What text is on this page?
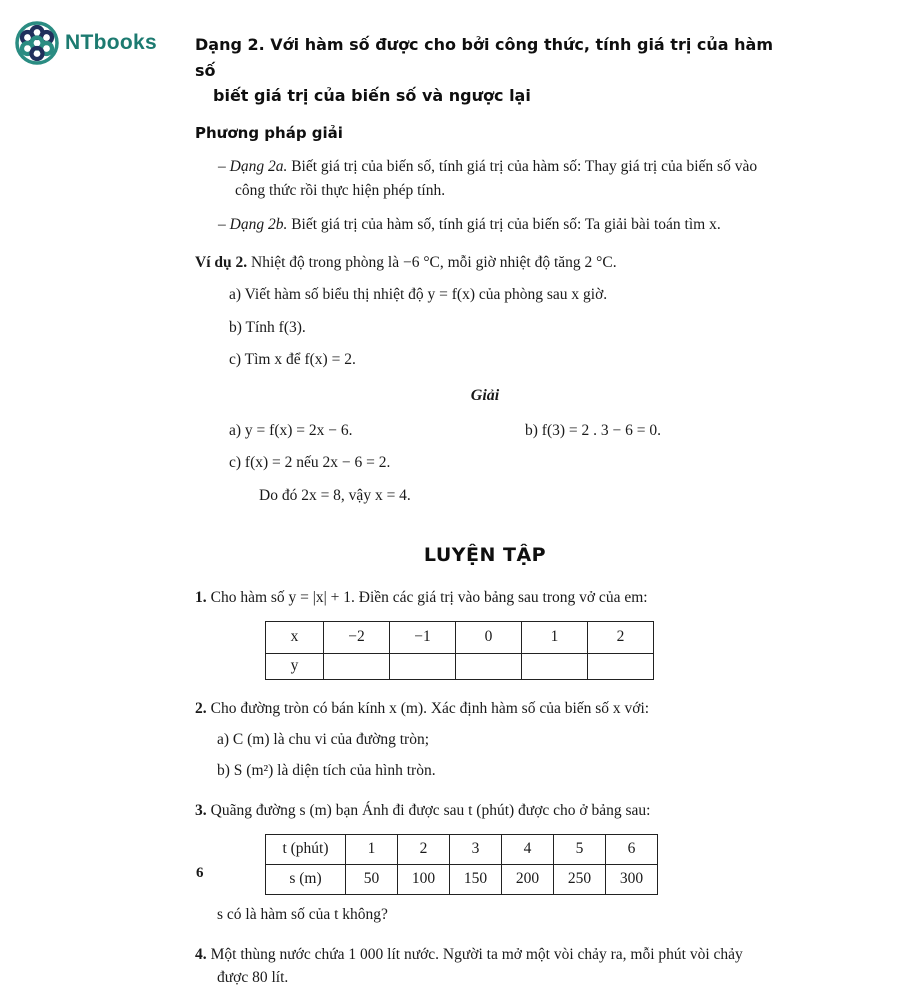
NTbooks Dạng 2. Với hàm số được cho bởi công thức, tính giá trị của hàm số
biết giá trị của biến số và ngược lại
Phương pháp giải

– Dạng 2a. Biết giá trị của biến số, tính giá trị của hàm số: Thay giá trị của biến số vào công thức rồi thực hiện phép tính.

– Dạng 2b. Biết giá trị của hàm số, tính giá trị của biến số: Ta giải bài toán tìm x.

Ví dụ 2. Nhiệt độ trong phòng là −6 °C, mỗi giờ nhiệt độ tăng 2 °C.

a) Viết hàm số biểu thị nhiệt độ y = f(x) của phòng sau x giờ.

b) Tính f(3).

c) Tìm x để f(x) = 2.

Giải

a) y = f(x) = 2x − 6.	b) f(3) = 2 . 3 − 6 = 0.

c) f(x) = 2 nếu 2x − 6 = 2.

Do đó 2x = 8, vậy x = 4.

LUYỆN TẬP

1. Cho hàm số y = |x| + 1. Điền các giá trị vào bảng sau trong vở của em:

x	−2	−1	0	1	2
y					

2. Cho đường tròn có bán kính x (m). Xác định hàm số của biến số x với:

a) C (m) là chu vi của đường tròn;

b) S (m²) là diện tích của hình tròn.

3. Quãng đường s (m) bạn Ánh đi được sau t (phút) được cho ở bảng sau:

t (phút)	1	2	3	4	5	6
s (m)	50	100	150	200	250	300

s có là hàm số của t không?

4. Một thùng nước chứa 1 000 lít nước. Người ta mở một vòi chảy ra, mỗi phút vòi chảy được 80 lít.

6
